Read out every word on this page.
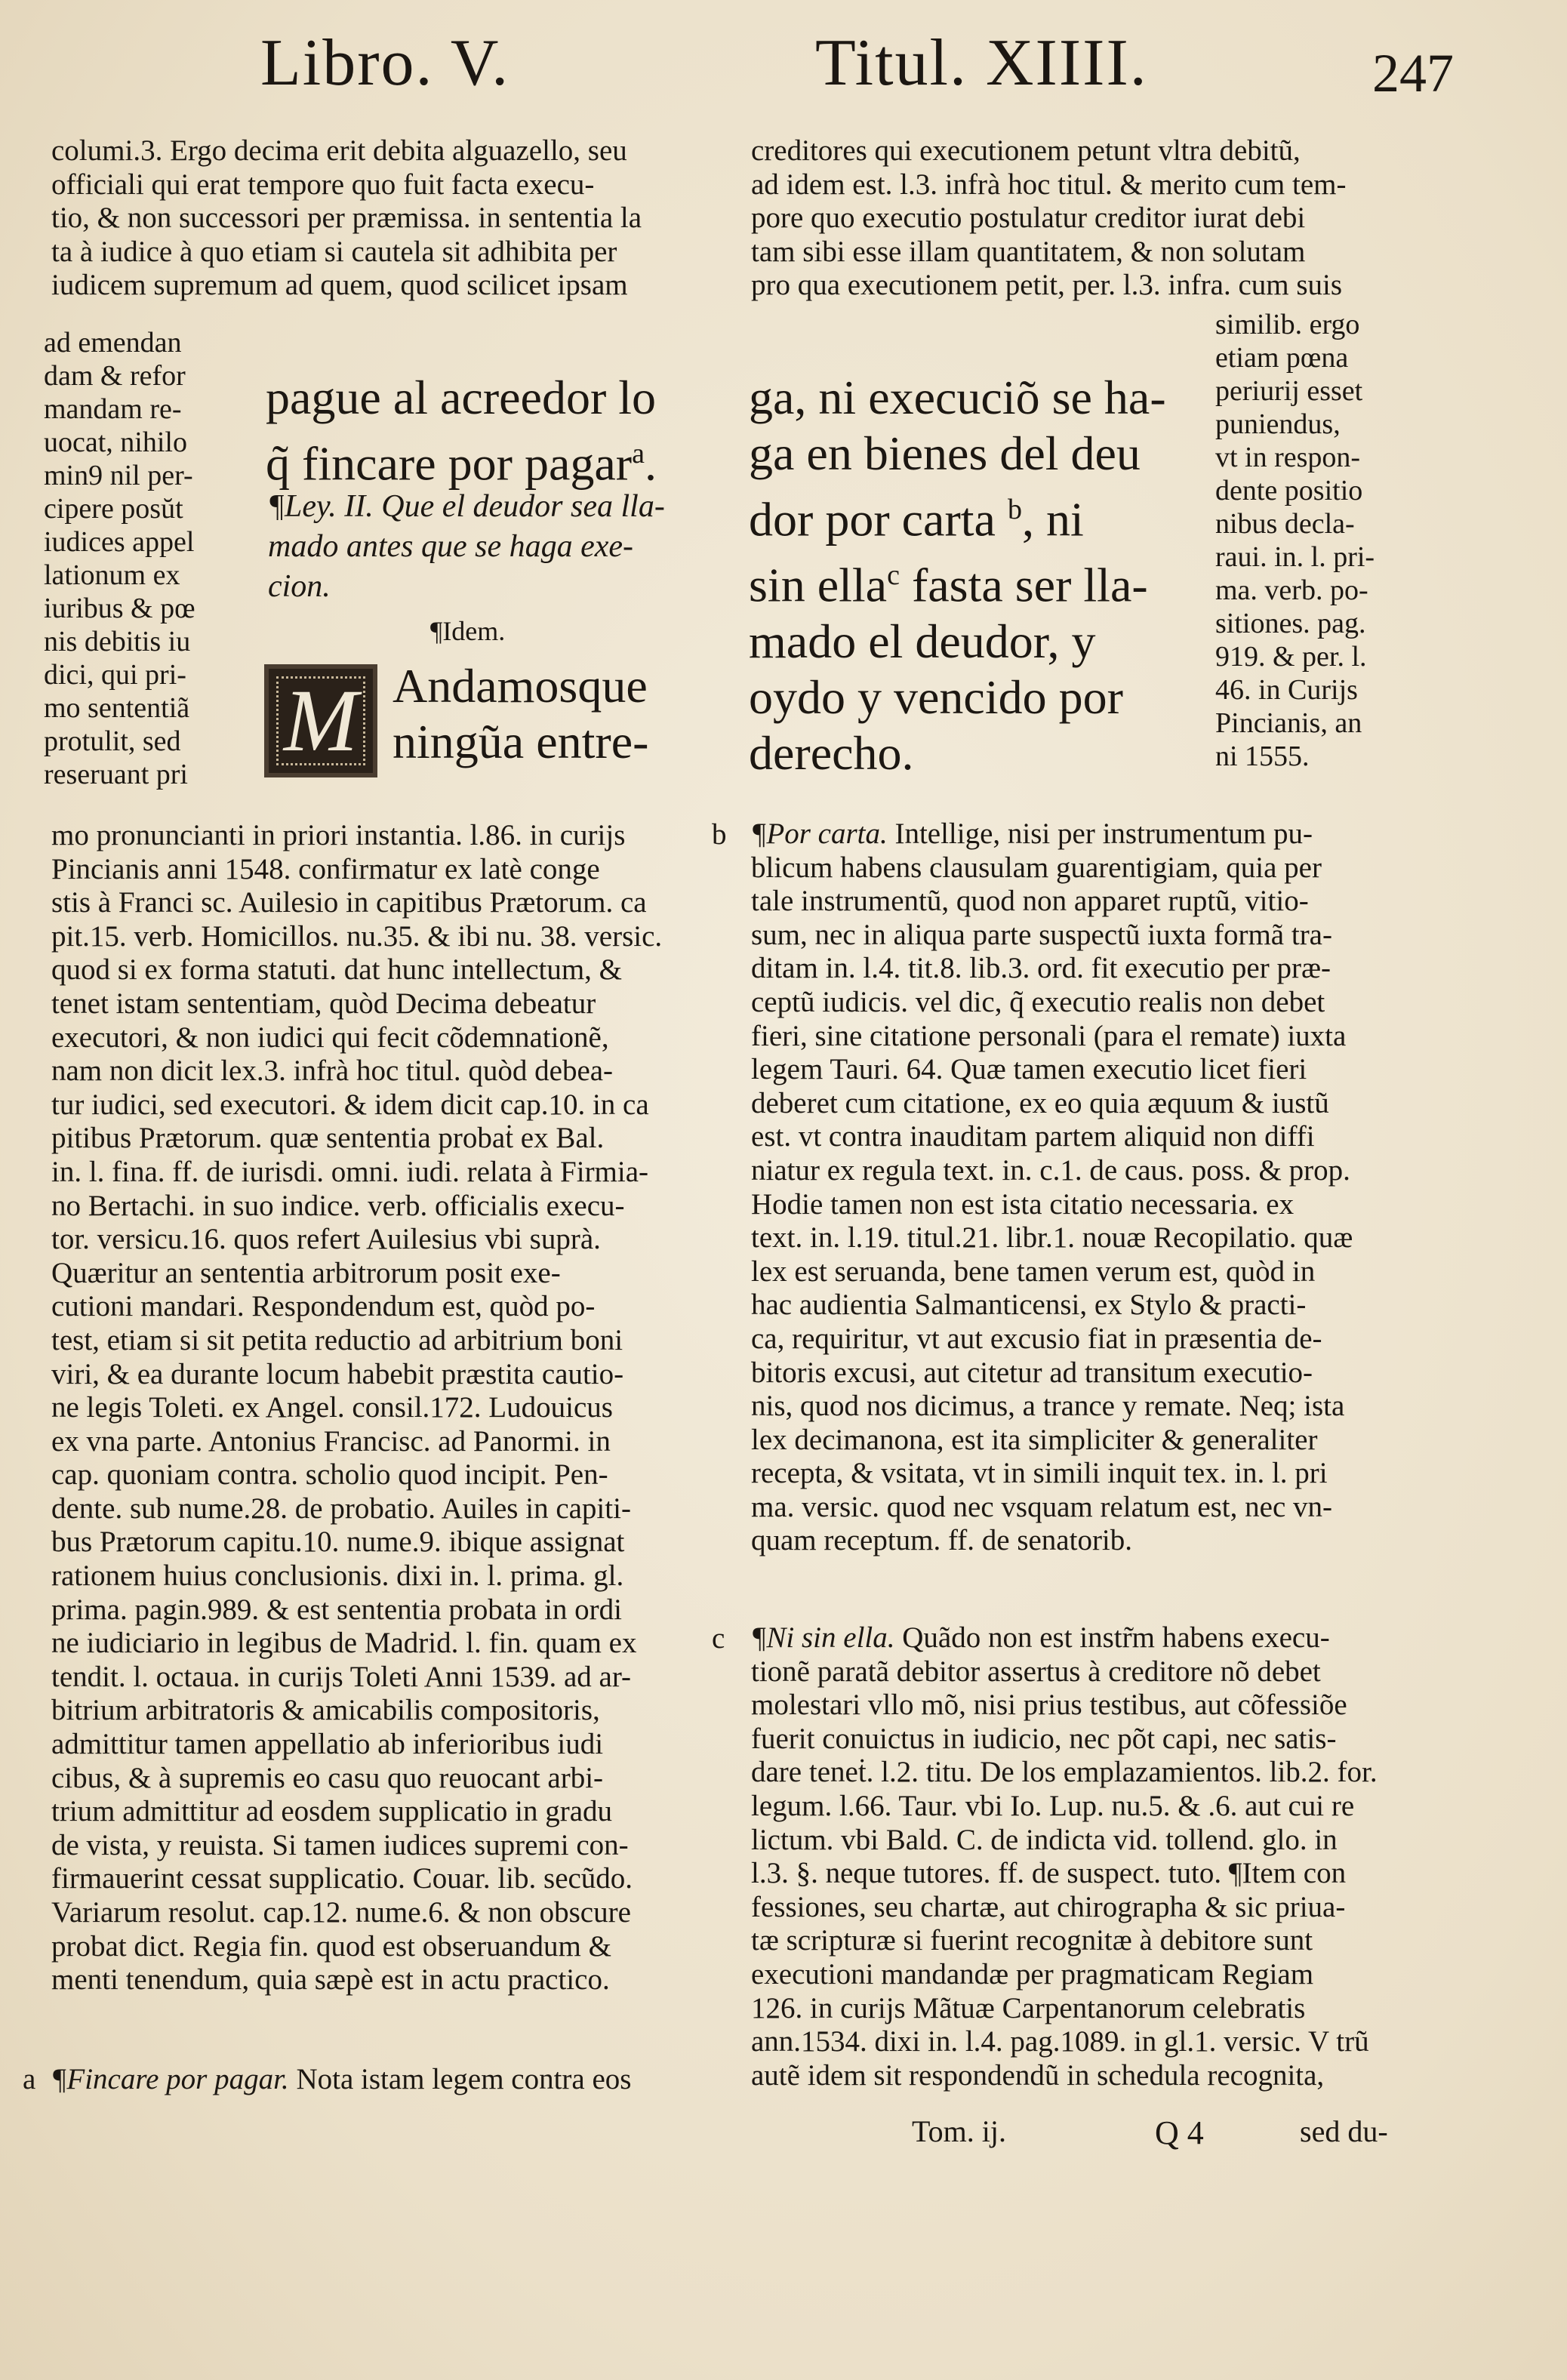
Libro. V.	Titul. XIIII.	247
columi.3. Ergo decima erit debita alguazello, seu
officiali qui erat tempore quo fuit facta execu-
tio, & non successori per præmissa. in sententia la
ta à iudice à quo etiam si cautela sit adhibita per
iudicem supremum ad quem, quod scilicet ipsam
ad emendan
dam & refor
mandam re-
uocat, nihilo
min9 nil per-
cipere posŭt
iudices appel
lationum ex
iuribus & pœ
nis debitis iu
dici, qui pri-
mo sententiã
protulit, sed
reseruant pri
pague al acreedor lo
q̃ fincare por pagar$^a$.
¶Ley. II. Que el deudor sea lla-
mado antes que se haga exe-
cion.
¶Idem.
M Andamosque
ningũa entre-
ga, ni execuciõ se ha-
ga en bienes del deu
dor por carta $^b$, ni
sin ella$^c$ fasta ser lla-
mado el deudor, y
oydo y vencido por
derecho.
creditores qui executionem petunt vltra debitũ,
ad idem est. l.3. infrà hoc titul. & merito cum tem-
pore quo executio postulatur creditor iurat debi
tam sibi esse illam quantitatem, & non solutam
pro qua executionem petit, per. l.3. infra. cum suis
similib. ergo
etiam pœna
periurij esset
puniendus,
vt in respon-
dente positio
nibus decla-
raui. in. l. pri-
ma. verb. po-
sitiones. pag.
919. & per. l.
46. in Curijs
Pincianis, an
ni 1555.
mo pronuncianti in priori instantia. l.86. in curijs
Pincianis anni 1548. confirmatur ex latè conge
stis à Franci sc. Auilesio in capitibus Prætorum. ca
pit.15. verb. Homicillos. nu.35. & ibi nu. 38. versic.
quod si ex forma statuti. dat hunc intellectum, &
tenet istam sententiam, quòd Decima debeatur
executori, & non iudici qui fecit cõdemnationẽ,
nam non dicit lex.3. infrà hoc titul. quòd debea-
tur iudici, sed executori. & idem dicit cap.10. in ca
pitibus Prætorum. quæ sententia probaṫ ex Bal.
in. l. fina. ff. de iurisdi. omni. iudi. relata à Firmia-
no Bertachi. in suo indice. verb. officialis execu-
tor. versicu.16. quos refert Auilesius vbi suprà.
Quæritur an sententia arbitrorum posit exe-
cutioni mandari. Respondendum est, quòd po-
test, etiam si sit petita reductio ad arbitrium boni
viri, & ea durante locum habebit præstita cautio-
ne legis Toleti. ex Angel. consil.172. Ludouicus
ex vna parte. Antonius Francisc. ad Panormi. in
cap. quoniam contra. scholio quod incipit. Pen-
dente. sub nume.28. de probatio. Auiles in capiti-
bus Prætorum capitu.10. nume.9. ibique assignat
rationem huius conclusionis. dixi in. l. prima. gl.
prima. pagin.989. & est sententia probata in ordi
ne iudiciario in legibus de Madrid. l. fin. quam ex
tendit. l. octaua. in curijs Toleti Anni 1539. ad ar-
bitrium arbitratoris & amicabilis compositoris,
admittitur tamen appellatio ab inferioribus iudi
cibus, & à supremis eo casu quo reuocant arbi-
trium admittitur ad eosdem supplicatio in gradu
de vista, y reuista. Si tamen iudices supremi con-
firmauerint cessat supplicatio. Couar. lib. secũdo.
Variarum resolut. cap.12. nume.6. & non obscure
probat dict. Regia fin. quod est obseruandum &
menti tenendum, quia sæpè est in actu practico.
a ¶Fincare por pagar. Nota istam legem contra eos
b ¶Por carta. Intellige, nisi per instrumentum pu-
blicum habens clausulam guarentigiam, quia per
tale instrumentũ, quod non apparet ruptũ, vitio-
sum, nec in aliqua parte suspectũ iuxta formã tra-
ditam in. l.4. tit.8. lib.3. ord. fit executio per præ-
ceptũ iudicis. vel dic, q̃ executio realis non debet
fieri, sine citatione personali (para el remate) iuxta
legem Tauri. 64. Quæ tamen executio licet fieri
deberet cum citatione, ex eo quia æquum & iustũ
est. vt contra inauditam partem aliquid non diffi
niatur ex regula text. in. c.1. de caus. poss. & prop.
Hodie tamen non est ista citatio necessaria. ex
text. in. l.19. titul.21. libr.1. nouæ Recopilatio. quæ
lex est seruanda, bene tamen verum est, quòd in
hac audientia Salmanticensi, ex Stylo & practi-
ca, requiritur, vt aut excusio fiat in præsentia de-
bitoris excusi, aut citetur ad transitum executio-
nis, quod nos dicimus, a trance y remate. Neq; ista
lex decimanona, est ita simpliciter & generaliter
recepta, & vsitata, vt in simili inquit tex. in. l. pri
ma. versic. quod nec vsquam relatum est, nec vn-
quam receptum. ff. de senatorib.
c ¶Ni sin ella. Quãdo non est instr̃m habens execu-
tionẽ paratã debitor assertus à creditore nõ debet
molestari vllo mõ, nisi prius testibus, aut cõfessiõe
fuerit conuictus in iudicio, nec põt capi, nec satis-
dare teneṫ. l.2. titu. De los emplazamientos. lib.2. for.
legum. l.66. Taur. vbi Io. Lup. nu.5. & .6. aut cui re
lictum. vbi Bald. C. de indicta vid. tollend. glo. in
l.3. §. neque tutores. ff. de suspect. tuto. ¶Item con
fessiones, seu chartæ, aut chirographa & sic priua-
tæ scripturæ si fuerint recognitæ à debitore sunt
executioni mandandæ per pragmaticam Regiam
126. in curijs Mãtuæ Carpentanorum celebratis
ann.1534. dixi in. l.4. pag.1089. in gl.1. versic. V trũ
autẽ idem sit respondendũ in schedula recognita,
Tom. ij.	Q 4	sed du-
